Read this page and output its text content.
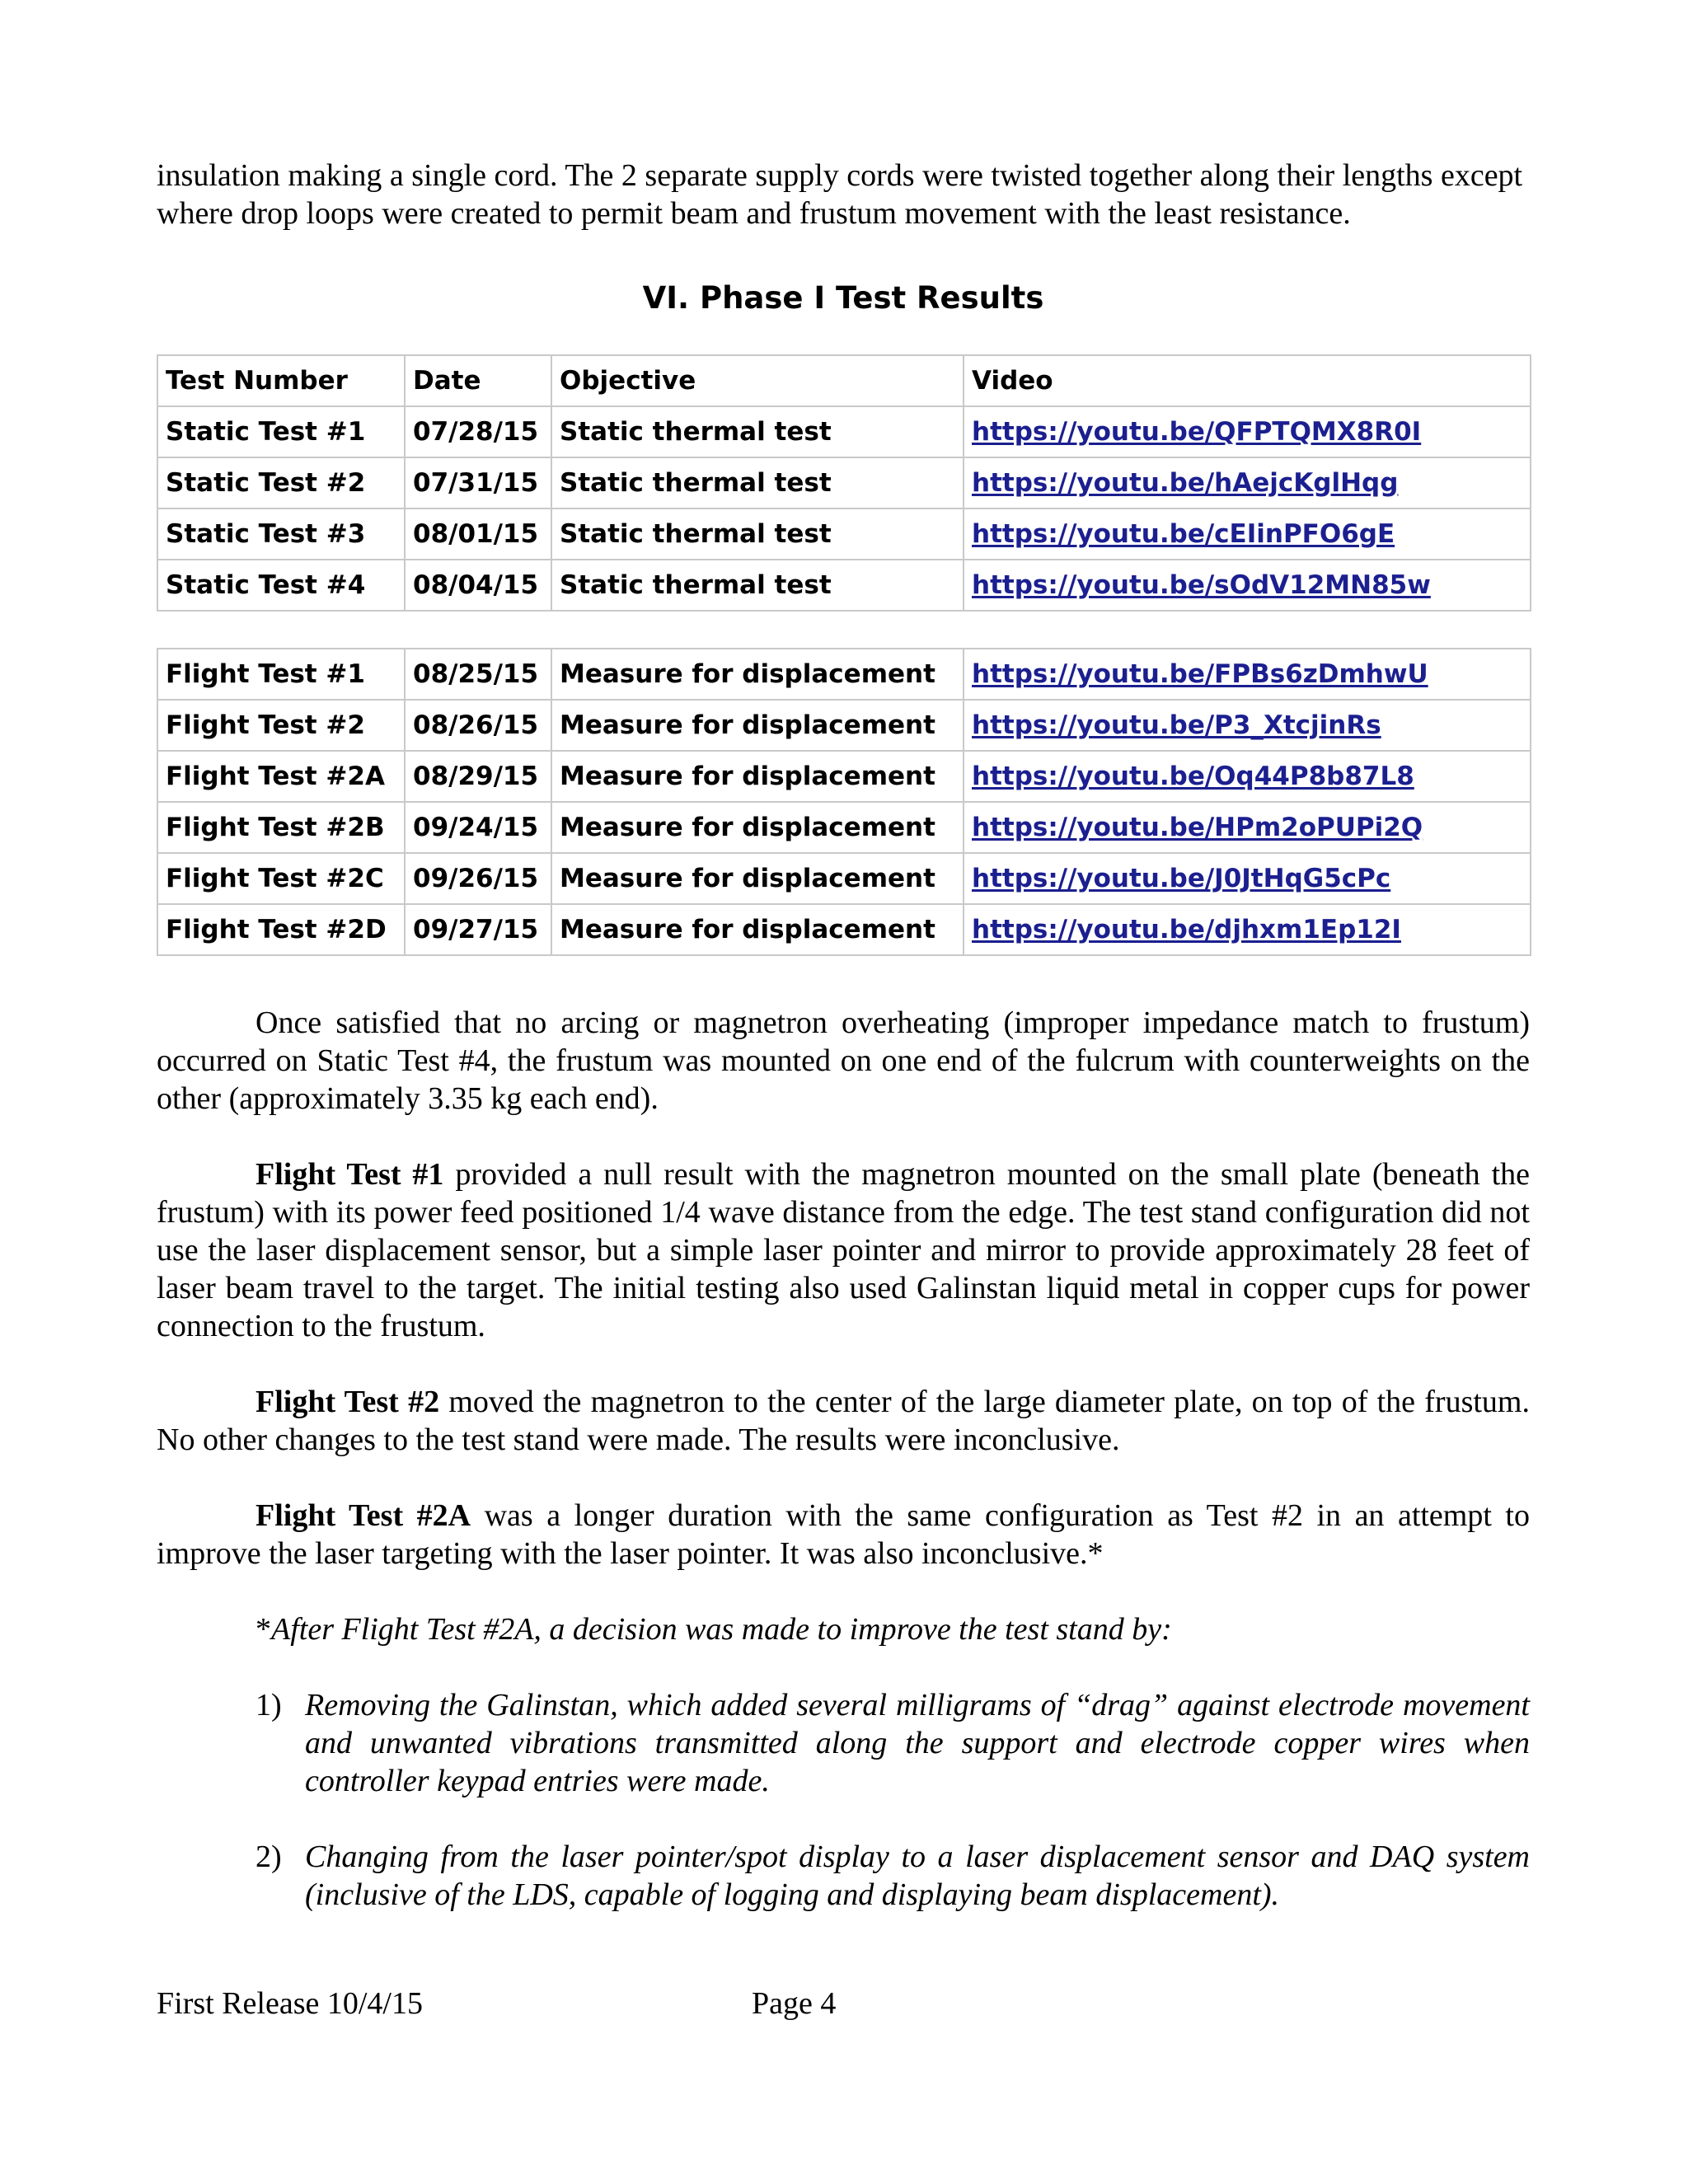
insulation making a single cord. The 2 separate supply cords were twisted together along their lengths except where drop loops were created to permit beam and frustum movement with the least resistance.

VI. Phase I Test Results
Test Number	Date	Objective	Video
Static Test #1	07/28/15	Static thermal test	https://youtu.be/QFPTQMX8R0I
Static Test #2	07/31/15	Static thermal test	https://youtu.be/hAejcKglHqg
Static Test #3	08/01/15	Static thermal test	https://youtu.be/cEIinPFO6gE
Static Test #4	08/04/15	Static thermal test	https://youtu.be/sOdV12MN85w
Flight Test #1	08/25/15	Measure for displacement	https://youtu.be/FPBs6zDmhwU
Flight Test #2	08/26/15	Measure for displacement	https://youtu.be/P3_XtcjinRs
Flight Test #2A	08/29/15	Measure for displacement	https://youtu.be/Oq44P8b87L8
Flight Test #2B	09/24/15	Measure for displacement	https://youtu.be/HPm2oPUPi2Q
Flight Test #2C	09/26/15	Measure for displacement	https://youtu.be/J0JtHqG5cPc
Flight Test #2D	09/27/15	Measure for displacement	https://youtu.be/djhxm1Ep12I

Once satisfied that no arcing or magnetron overheating (improper impedance match to frustum) occurred on Static Test #4, the frustum was mounted on one end of the fulcrum with counterweights on the other (approximately 3.35 kg each end).

Flight Test #1 provided a null result with the magnetron mounted on the small plate (beneath the frustum) with its power feed positioned 1/4 wave distance from the edge. The test stand configuration did not use the laser displacement sensor, but a simple laser pointer and mirror to provide approximately 28 feet of laser beam travel to the target. The initial testing also used Galinstan liquid metal in copper cups for power connection to the frustum.

Flight Test #2 moved the magnetron to the center of the large diameter plate, on top of the frustum. No other changes to the test stand were made. The results were inconclusive.

Flight Test #2A was a longer duration with the same configuration as Test #2 in an attempt to improve the laser targeting with the laser pointer. It was also inconclusive.*

*After Flight Test #2A, a decision was made to improve the test stand by:

1) Removing the Galinstan, which added several milligrams of “drag” against electrode movement and unwanted vibrations transmitted along the support and electrode copper wires when controller keypad entries were made.

2) Changing from the laser pointer/spot display to a laser displacement sensor and DAQ system (inclusive of the LDS, capable of logging and displaying beam displacement).

First Release 10/4/15	Page 4
